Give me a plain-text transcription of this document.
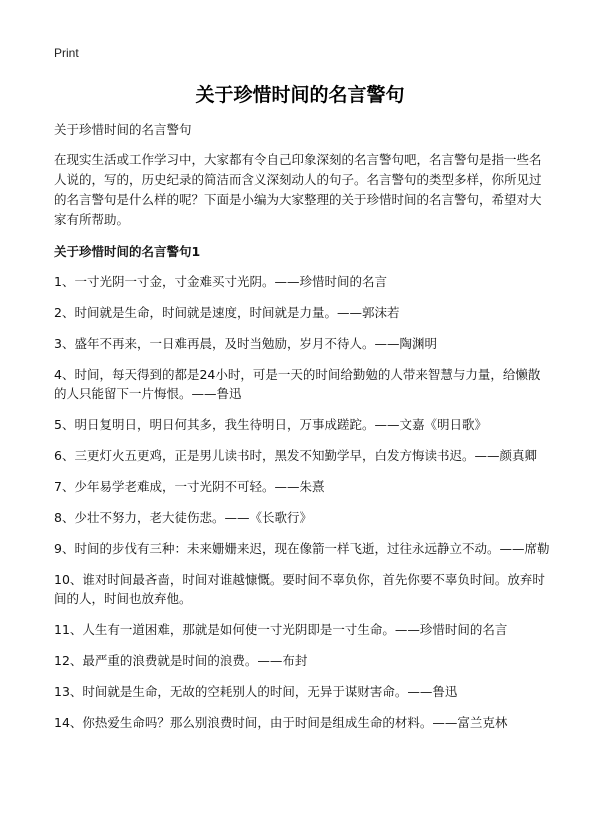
Print
关于珍惜时间的名言警句

关于珍惜时间的名言警句

在现实生活或工作学习中，大家都有令自己印象深刻的名言警句吧，名言警句是指一些名人说的，写的，历史纪录的简洁而含义深刻动人的句子。名言警句的类型多样，你所见过的名言警句是什么样的呢？下面是小编为大家整理的关于珍惜时间的名言警句，希望对大家有所帮助。

关于珍惜时间的名言警句1

1、一寸光阴一寸金，寸金难买寸光阴。——珍惜时间的名言
2、时间就是生命，时间就是速度，时间就是力量。——郭沫若
3、盛年不再来，一日难再晨，及时当勉励，岁月不待人。——陶渊明
4、时间，每天得到的都是24小时，可是一天的时间给勤勉的人带来智慧与力量，给懒散的人只能留下一片悔恨。——鲁迅
5、明日复明日，明日何其多，我生待明日，万事成蹉跎。——文嘉《明日歌》
6、三更灯火五更鸡，正是男儿读书时，黑发不知勤学早，白发方悔读书迟。——颜真卿
7、少年易学老难成，一寸光阴不可轻。——朱熹
8、少壮不努力，老大徒伤悲。——《长歌行》
9、时间的步伐有三种：未来姗姗来迟，现在像箭一样飞逝，过往永远静立不动。——席勒
10、谁对时间最吝啬，时间对谁越慷慨。要时间不辜负你，首先你要不辜负时间。放弃时间的人，时间也放弃他。
11、人生有一道困难，那就是如何使一寸光阴即是一寸生命。——珍惜时间的名言
12、最严重的浪费就是时间的浪费。——布封
13、时间就是生命，无故的空耗别人的时间，无异于谋财害命。——鲁迅
14、你热爱生命吗？那么别浪费时间，由于时间是组成生命的材料。——富兰克林
